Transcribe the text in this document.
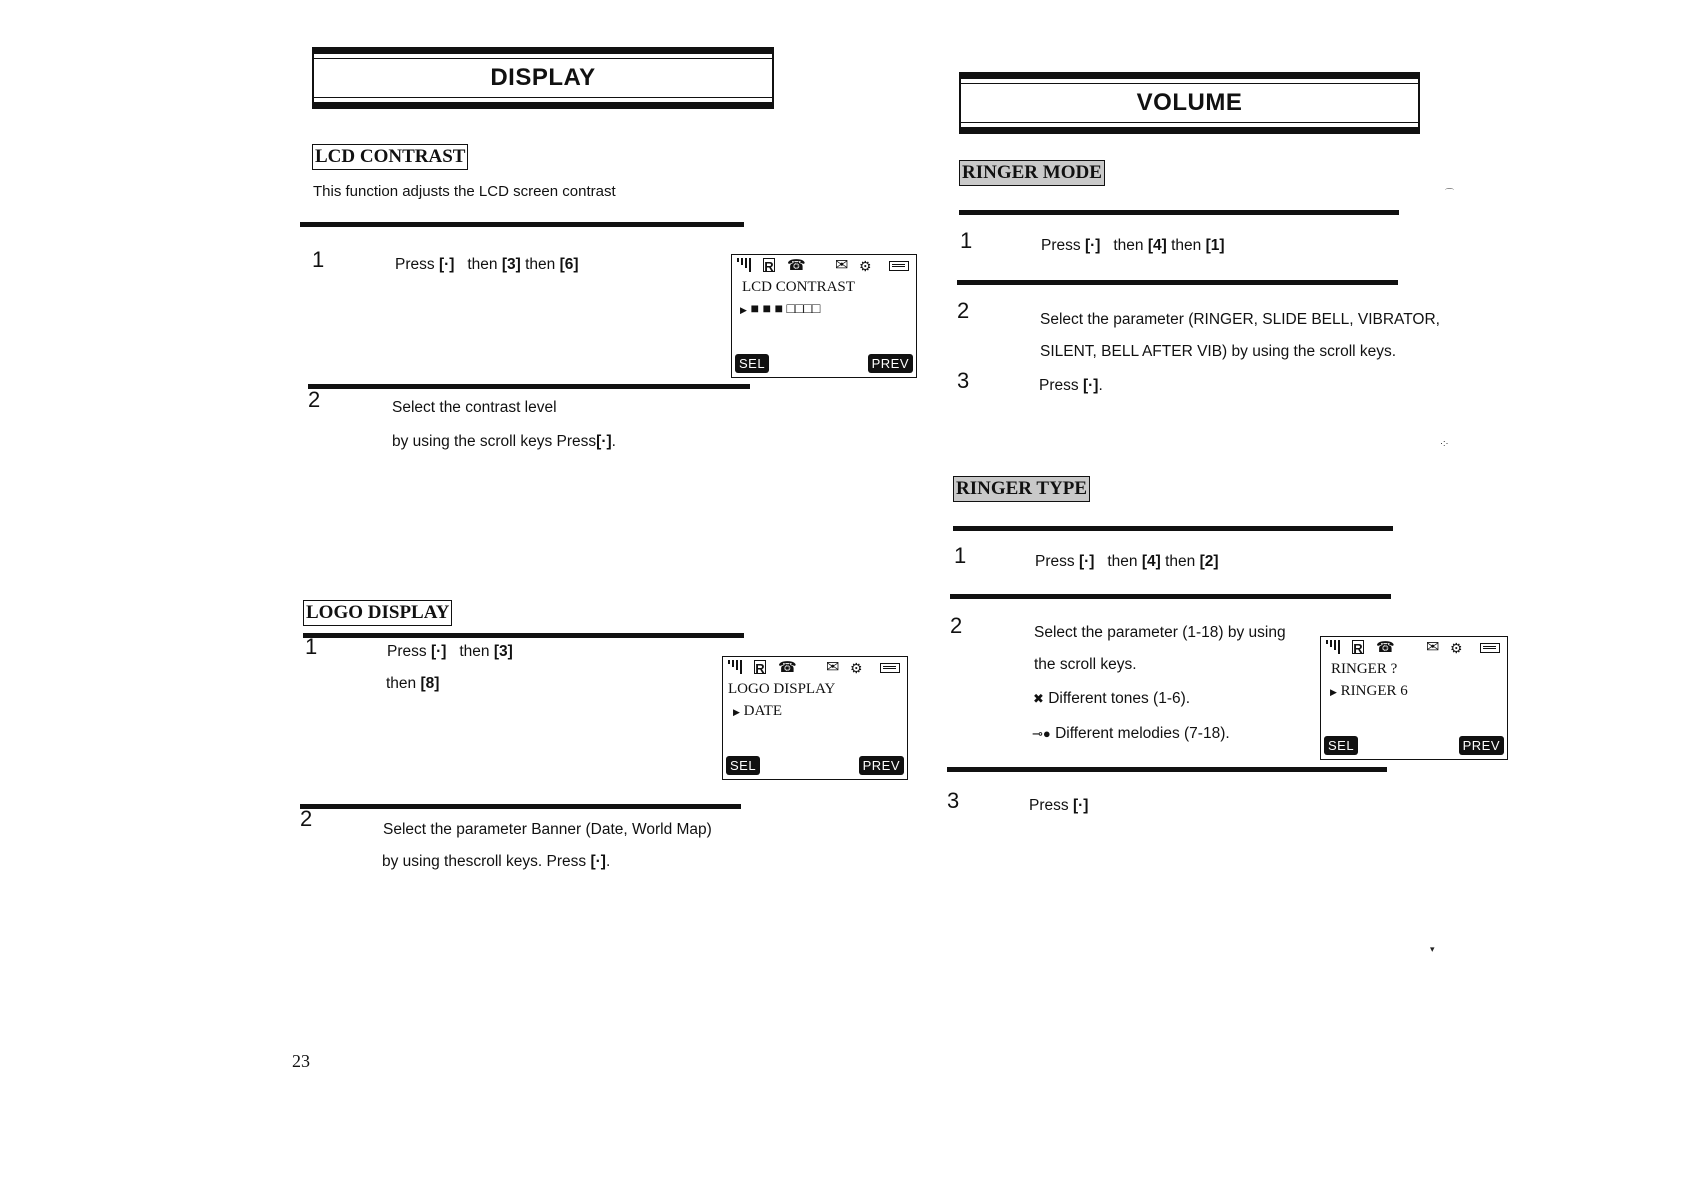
DISPLAY
LCD CONTRAST
This function adjusts the LCD screen contrast
1	Press [·] then [3] then [6]	R ☎ ✉ ⚙
LCD CONTRAST
▶ ■ ■ ■ □□□□
SEL	PREV
2	Select the contrast level
by using the scroll keys Press[·].
LOGO DISPLAY
1	Press [·] then [3]
then [8]
R ☎ ✉ ⚙
LOGO DISPLAY
▶ DATE
SEL	PREV
2	Select the parameter Banner (Date, World Map)
by using thescroll keys. Press [·].
23
VOLUME
RINGER MODE
1	Press [·] then [4] then [1]
2	Select the parameter (RINGER, SLIDE BELL, VIBRATOR,
SILENT, BELL AFTER VIB) by using the scroll keys.
3	Press [·].
RINGER TYPE
1	Press [·] then [4] then [2]
2	Select the parameter (1-18) by using
the scroll keys.
✖ Different tones (1-6).
⊸● Different melodies (7-18).
R ☎ ✉ ⚙
RINGER ?
▶ RINGER 6
SEL	PREV
3	Press [·]
⌒
·:·
▾
